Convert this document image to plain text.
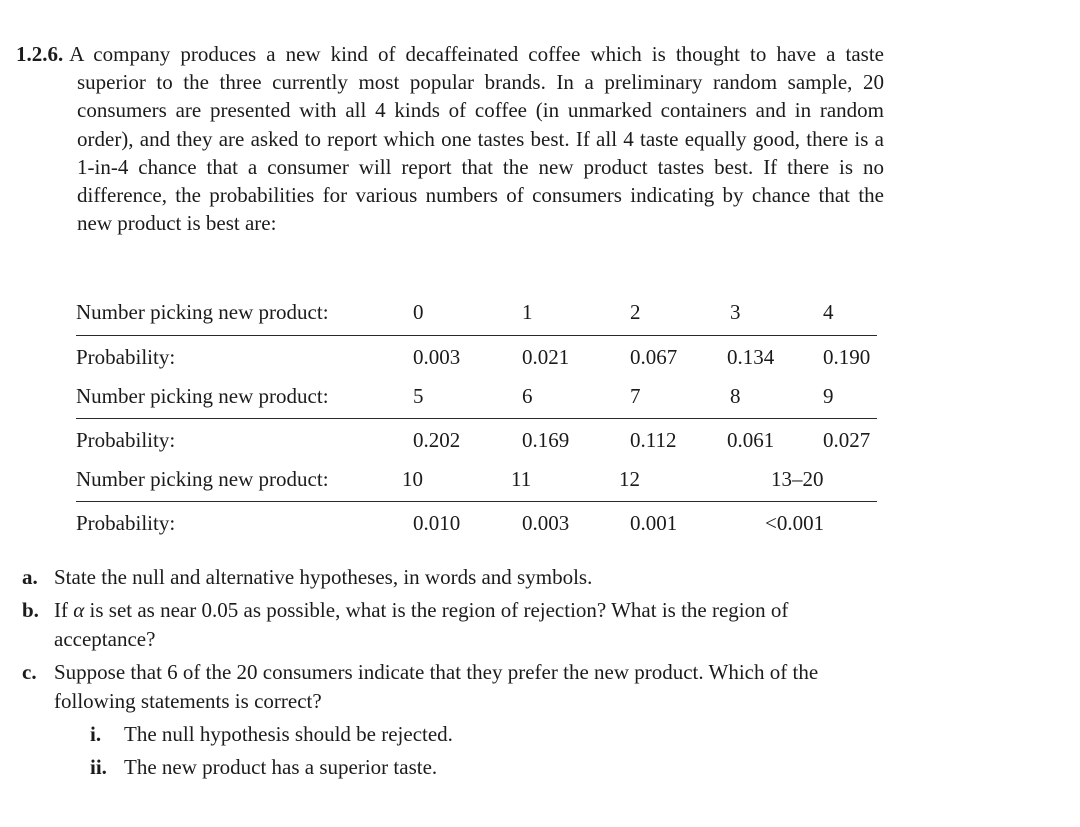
1.2.6. A company produces a new kind of decaffeinated coffee which is thought to have a taste superior to the three currently most popular brands. In a preliminary random sample, 20 consumers are presented with all 4 kinds of coffee (in unmarked containers and in random order), and they are asked to report which one tastes best. If all 4 taste equally good, there is a 1-in-4 chance that a consumer will report that the new product tastes best. If there is no difference, the probabilities for various numbers of consumers indicating by chance that the new product is best are:
Number picking new product:	0	1	2	3	4
Probability:	0.003	0.021	0.067 0.134 0.190
Number picking new product:	5	6	7	8	9
Probability:	0.202	0.169	0.112 0.061 0.027
Number picking new product:	10	11	12	13–20
Probability:	0.010	0.003	0.001	<0.001
a. State the null and alternative hypotheses, in words and symbols.
b. If α is set as near 0.05 as possible, what is the region of rejection? What is the region of acceptance?
c. Suppose that 6 of the 20 consumers indicate that they prefer the new product. Which of the following statements is correct?
i. The null hypothesis should be rejected.
ii. The new product has a superior taste.
